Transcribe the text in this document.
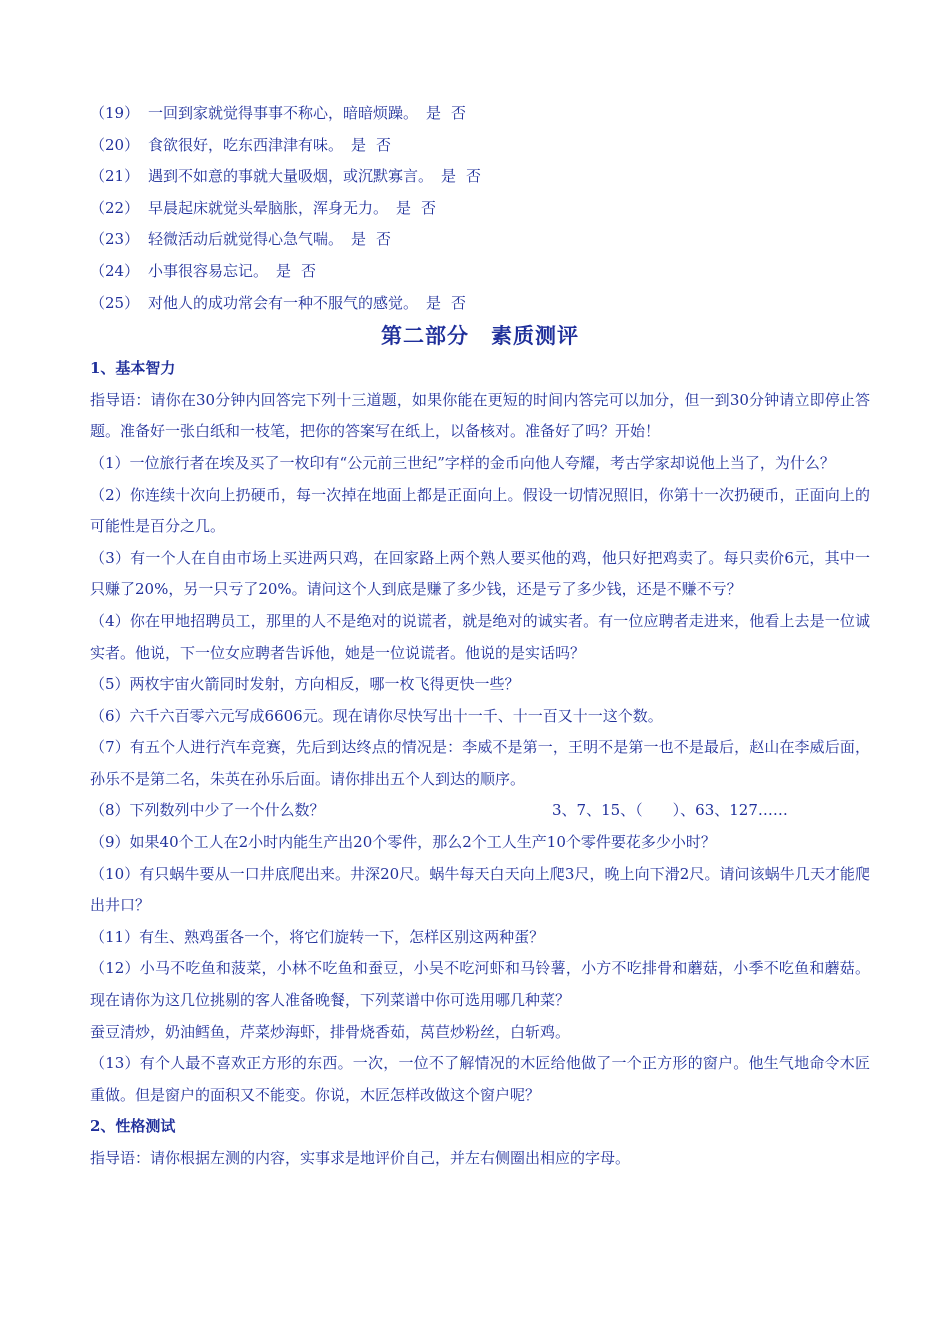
（19） 一回到家就觉得事事不称心，暗暗烦躁。 是 否
（20） 食欲很好，吃东西津津有味。 是 否
（21） 遇到不如意的事就大量吸烟，或沉默寡言。 是 否
（22） 早晨起床就觉头晕脑胀，浑身无力。 是 否
（23） 轻微活动后就觉得心急气喘。 是 否
（24） 小事很容易忘记。 是 否
（25） 对他人的成功常会有一种不服气的感觉。 是 否
第二部分　素质测评
1、基本智力
指导语：请你在30分钟内回答完下列十三道题，如果你能在更短的时间内答完可以加分，但一到30分钟请立即停止答题。准备好一张白纸和一枝笔，把你的答案写在纸上，以备核对。准备好了吗？开始！
（1）一位旅行者在埃及买了一枚印有“公元前三世纪”字样的金币向他人夸耀，考古学家却说他上当了，为什么？
（2）你连续十次向上扔硬币，每一次掉在地面上都是正面向上。假设一切情况照旧，你第十一次扔硬币，正面向上的可能性是百分之几。
（3）有一个人在自由市场上买进两只鸡，在回家路上两个熟人要买他的鸡，他只好把鸡卖了。每只卖价6元，其中一只赚了20%，另一只亏了20%。请问这个人到底是赚了多少钱，还是亏了多少钱，还是不赚不亏？
（4）你在甲地招聘员工，那里的人不是绝对的说谎者，就是绝对的诚实者。有一位应聘者走进来，他看上去是一位诚实者。他说，下一位女应聘者告诉他，她是一位说谎者。他说的是实话吗？
（5）两枚宇宙火箭同时发射，方向相反，哪一枚飞得更快一些？
（6）六千六百零六元写成6606元。现在请你尽快写出十一千、十一百又十一这个数。
（7）有五个人进行汽车竞赛，先后到达终点的情况是：李威不是第一，王明不是第一也不是最后，赵山在李威后面，孙乐不是第二名，朱英在孙乐后面。请你排出五个人到达的顺序。
（8）下列数列中少了一个什么数？	3、7、15、（　　）、63、127……
（9）如果40个工人在2小时内能生产出20个零件，那么2个工人生产10个零件要花多少小时？
（10）有只蜗牛要从一口井底爬出来。井深20尺。蜗牛每天白天向上爬3尺，晚上向下滑2尺。请问该蜗牛几天才能爬出井口？
（11）有生、熟鸡蛋各一个，将它们旋转一下，怎样区别这两种蛋？
（12）小马不吃鱼和菠菜，小林不吃鱼和蚕豆，小吴不吃河虾和马铃薯，小方不吃排骨和蘑菇，小季不吃鱼和蘑菇。现在请你为这几位挑剔的客人准备晚餐，下列菜谱中你可选用哪几种菜？
蚕豆清炒，奶油鳕鱼，芹菜炒海虾，排骨烧香茹，莴苣炒粉丝，白斩鸡。
（13）有个人最不喜欢正方形的东西。一次，一位不了解情况的木匠给他做了一个正方形的窗户。他生气地命令木匠重做。但是窗户的面积又不能变。你说，木匠怎样改做这个窗户呢？
2、性格测试
指导语：请你根据左测的内容，实事求是地评价自己，并左右侧圈出相应的字母。
